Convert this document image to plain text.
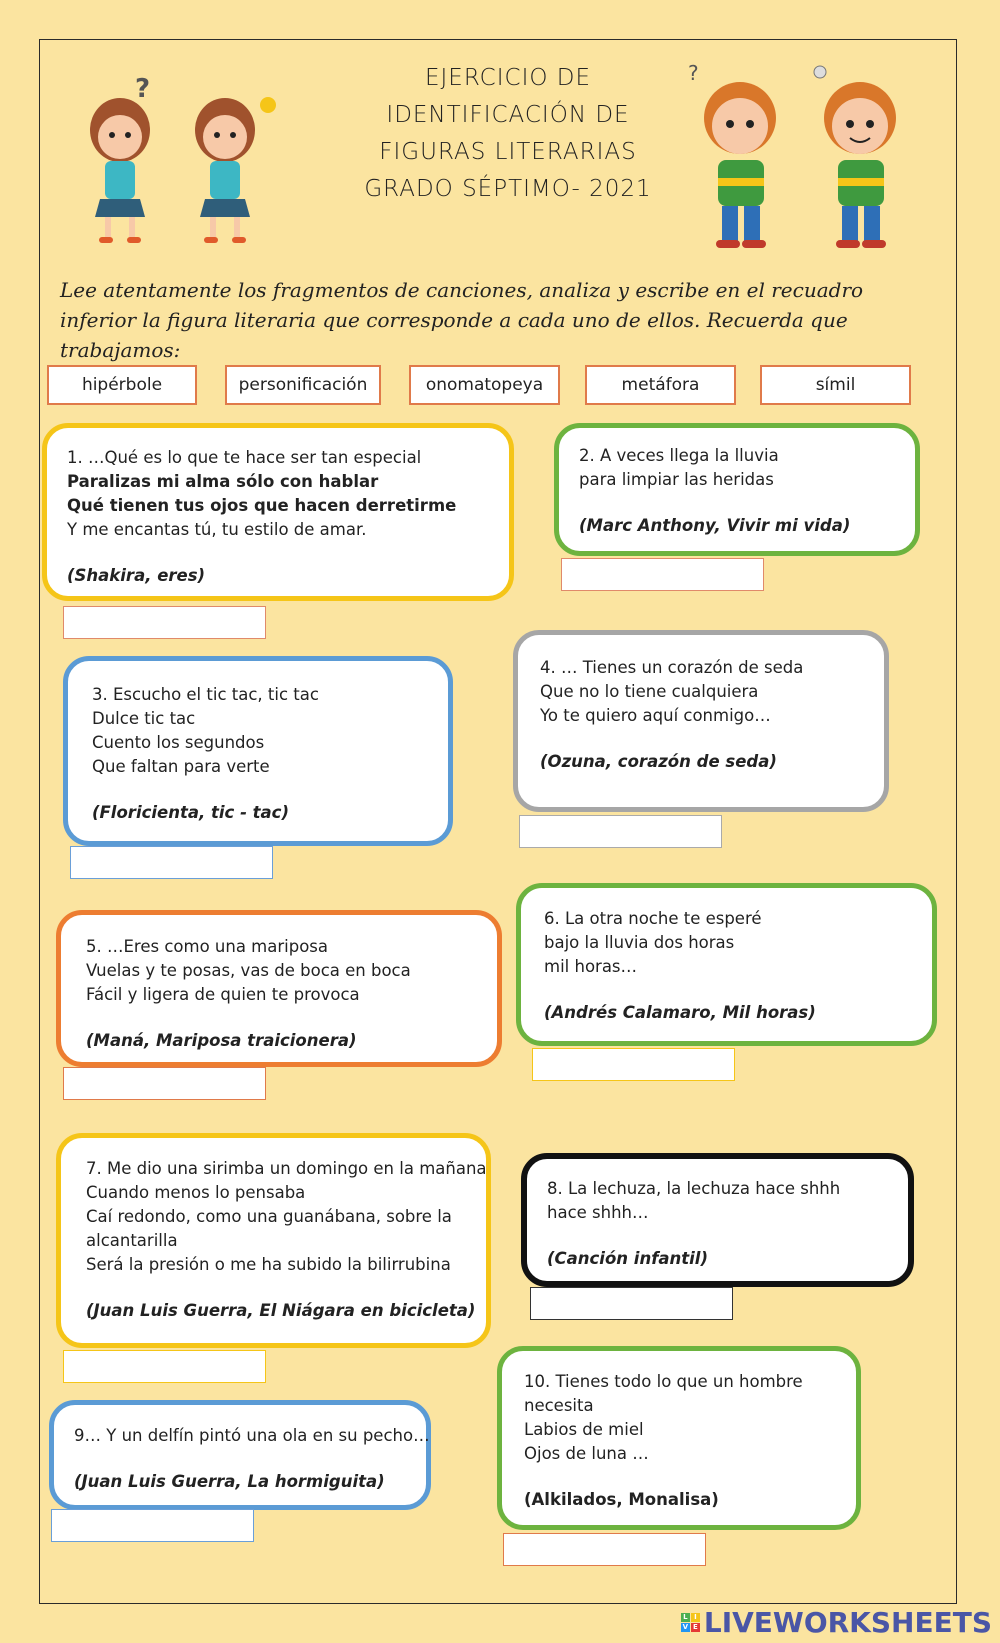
?
?
EJERCICIO DE
IDENTIFICACIÓN DE
FIGURAS LITERARIAS
GRADO SÉPTIMO- 2021
Lee atentamente los fragmentos de canciones, analiza y escribe en el recuadro inferior la figura literaria que corresponde a cada uno de ellos. Recuerda que trabajamos:
hipérbole	personificación	onomatopeya	metáfora	símil
1. …Qué es lo que te hace ser tan especial
Paralizas mi alma sólo con hablar
Qué tienen tus ojos que hacen derretirme
Y me encantas tú, tu estilo de amar.
(Shakira, eres)
2. A veces llega la lluvia
para limpiar las heridas
(Marc Anthony, Vivir mi vida)
3. Escucho el tic tac, tic tac
Dulce tic tac
Cuento los segundos
Que faltan para verte
(Floricienta, tic - tac)
4. … Tienes un corazón de seda
Que no lo tiene cualquiera
Yo te quiero aquí conmigo…
(Ozuna, corazón de seda)
5. …Eres como una mariposa
Vuelas y te posas, vas de boca en boca
Fácil y ligera de quien te provoca
(Maná, Mariposa traicionera)
6. La otra noche te esperé
bajo la lluvia dos horas
mil horas…
(Andrés Calamaro, Mil horas)
7. Me dio una sirimba un domingo en la mañana
Cuando menos lo pensaba
Caí redondo, como una guanábana, sobre la
alcantarilla
Será la presión o me ha subido la bilirrubina
(Juan Luis Guerra, El Niágara en bicicleta)
8. La lechuza, la lechuza hace shhh
hace shhh…
(Canción infantil)
9… Y un delfín pintó una ola en su pecho…
(Juan Luis Guerra, La hormiguita)
10. Tienes todo lo que un hombre
necesita
Labios de miel
Ojos de luna …
(Alkilados, Monalisa)
L I
V E LIVEWORKSHEETS
